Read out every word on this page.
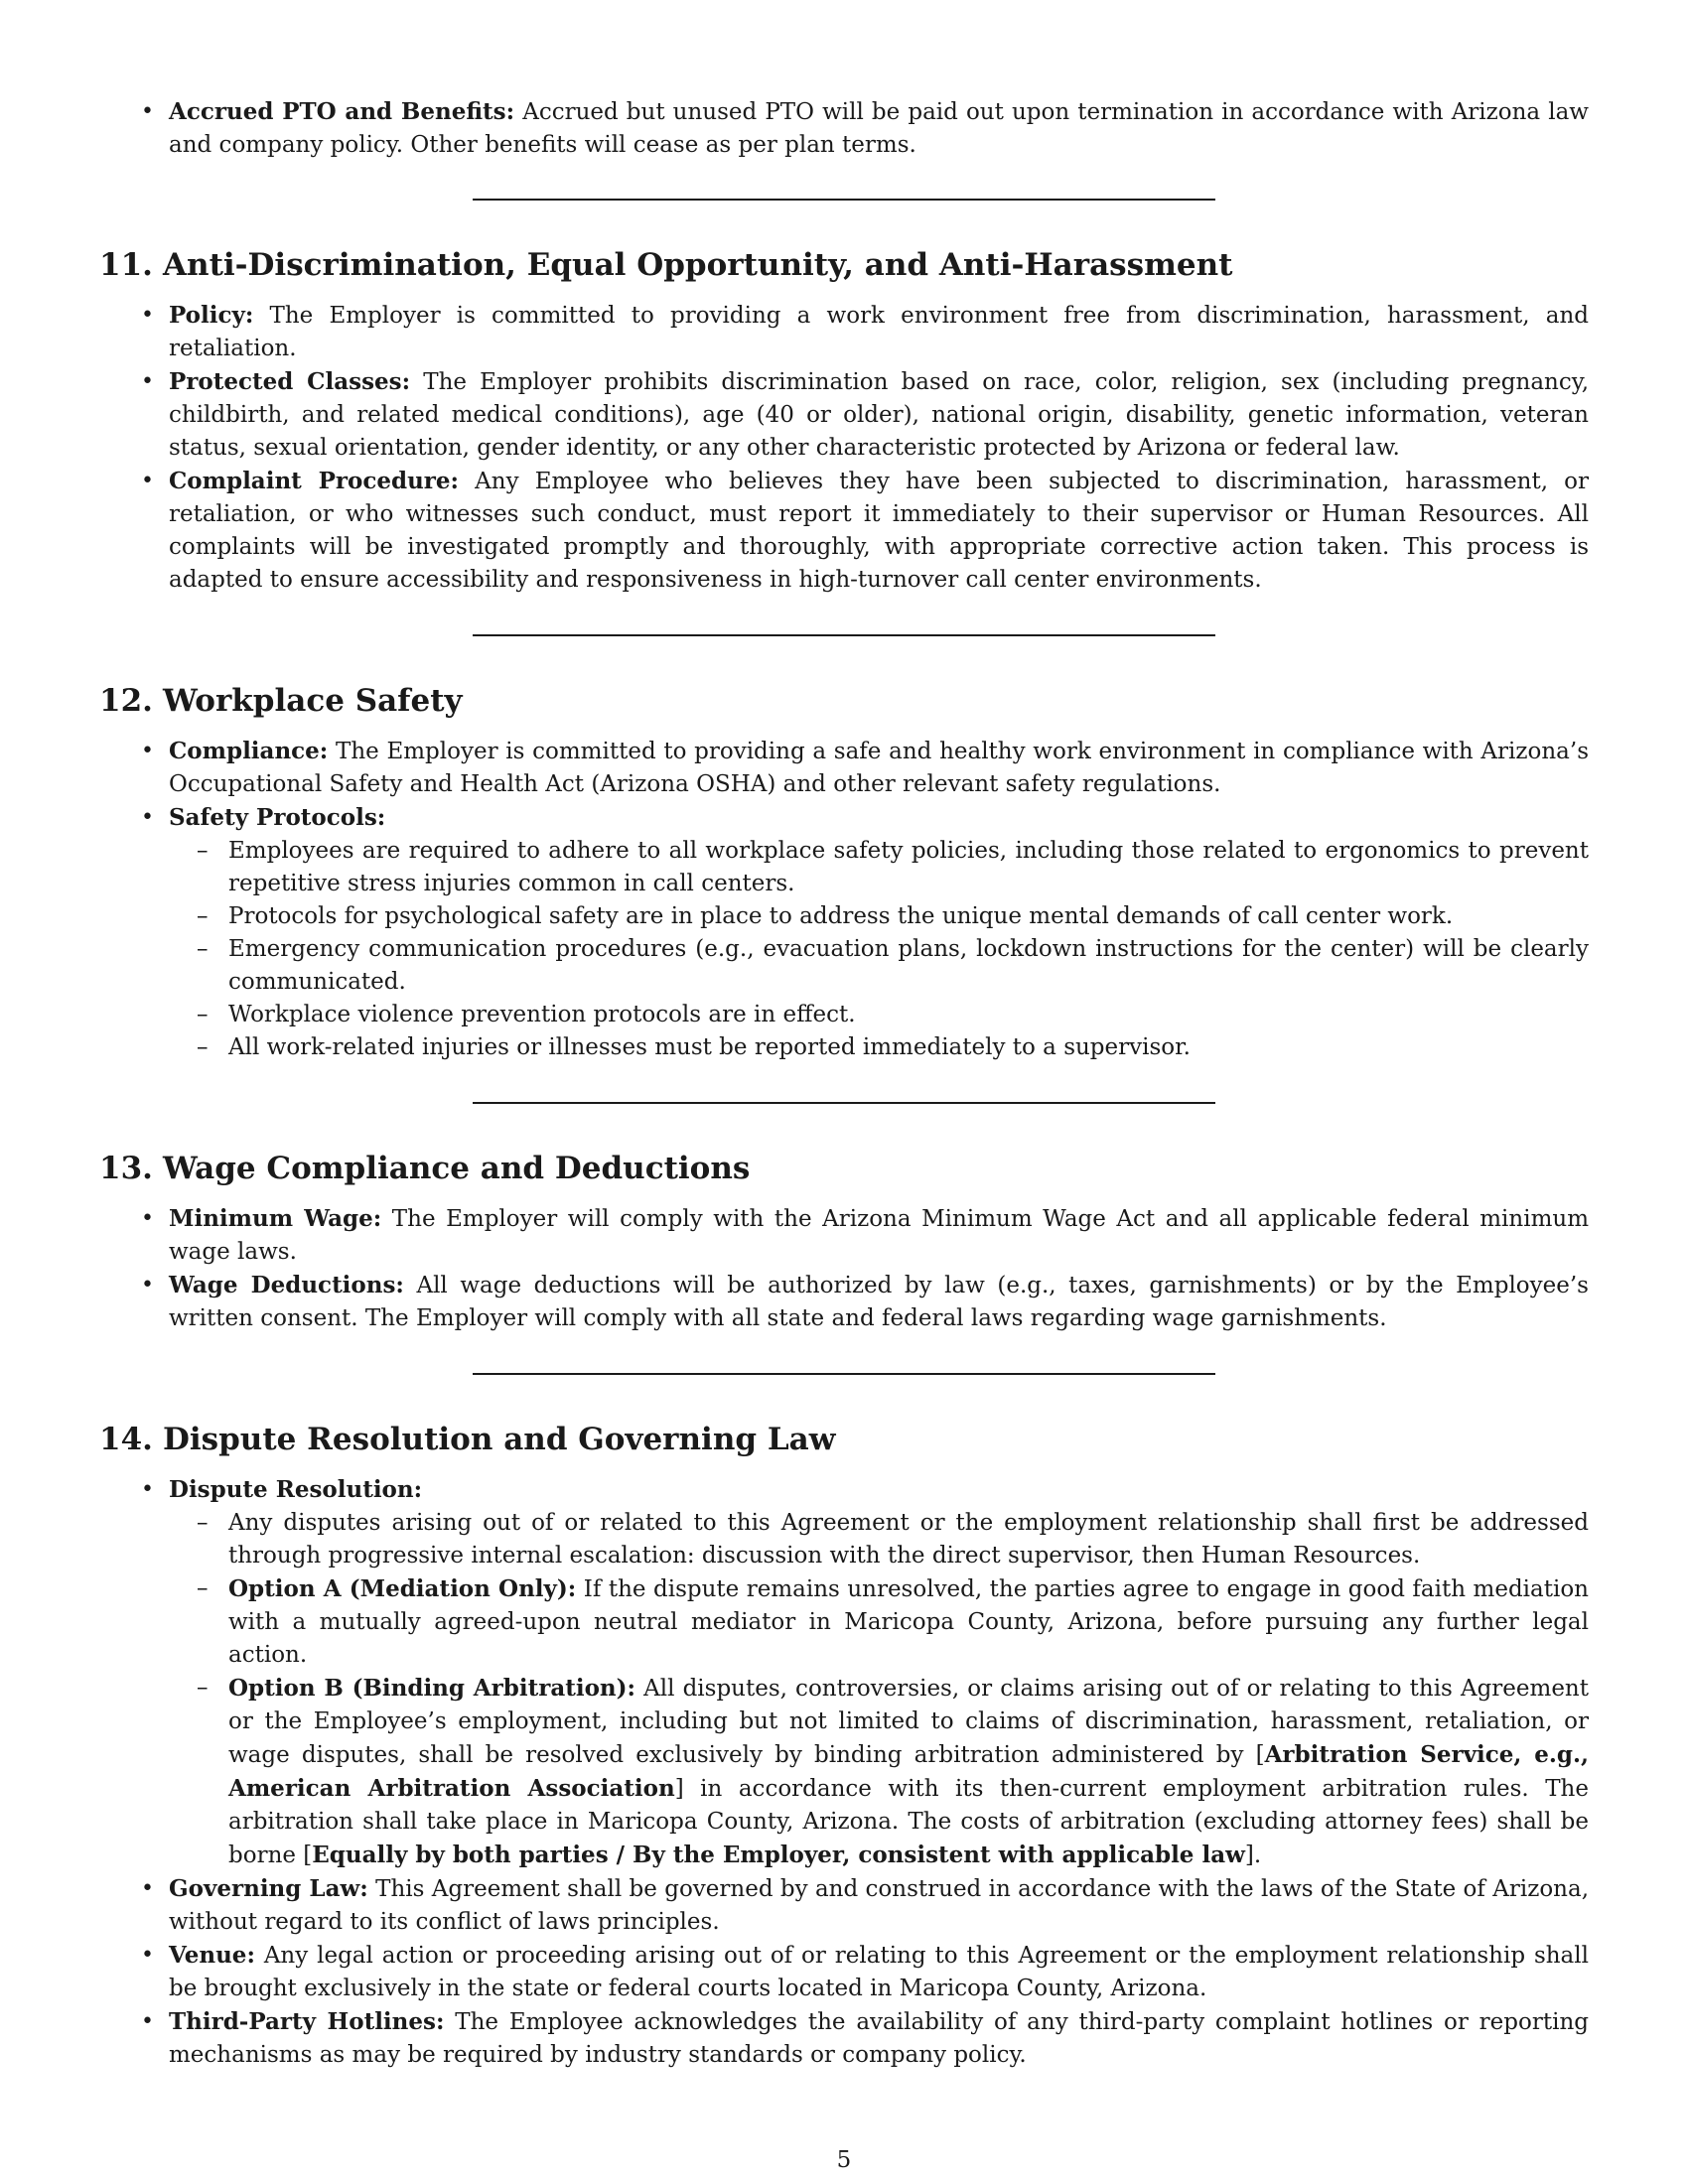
• Accrued PTO and Benefits: Accrued but unused PTO will be paid out upon termination in accordance with Arizona law and company policy. Other benefits will cease as per plan terms.
11. Anti-Discrimination, Equal Opportunity, and Anti-Harassment
• Policy: The Employer is committed to providing a work environment free from discrimination, harassment, and retaliation.
• Protected Classes: The Employer prohibits discrimination based on race, color, religion, sex (including pregnancy, childbirth, and related medical conditions), age (40 or older), national origin, disability, genetic information, veteran status, sexual orientation, gender identity, or any other characteristic protected by Arizona or federal law.
• Complaint Procedure: Any Employee who believes they have been subjected to discrimination, harassment, or retaliation, or who witnesses such conduct, must report it immediately to their supervisor or Human Resources. All complaints will be investigated promptly and thoroughly, with appropriate corrective action taken. This process is adapted to ensure accessibility and responsiveness in high-turnover call center environments.
12. Workplace Safety
• Compliance: The Employer is committed to providing a safe and healthy work environment in compliance with Arizona’s Occupational Safety and Health Act (Arizona OSHA) and other relevant safety regulations.
• Safety Protocols:
– Employees are required to adhere to all workplace safety policies, including those related to ergonomics to prevent repetitive stress injuries common in call centers.
– Protocols for psychological safety are in place to address the unique mental demands of call center work.
– Emergency communication procedures (e.g., evacuation plans, lockdown instructions for the center) will be clearly communicated.
– Workplace violence prevention protocols are in effect.
– All work-related injuries or illnesses must be reported immediately to a supervisor.
13. Wage Compliance and Deductions
• Minimum Wage: The Employer will comply with the Arizona Minimum Wage Act and all applicable federal minimum wage laws.
• Wage Deductions: All wage deductions will be authorized by law (e.g., taxes, garnishments) or by the Employee’s written consent. The Employer will comply with all state and federal laws regarding wage garnishments.
14. Dispute Resolution and Governing Law
• Dispute Resolution:
– Any disputes arising out of or related to this Agreement or the employment relationship shall first be addressed through progressive internal escalation: discussion with the direct supervisor, then Human Resources.
– Option A (Mediation Only): If the dispute remains unresolved, the parties agree to engage in good faith mediation with a mutually agreed-upon neutral mediator in Maricopa County, Arizona, before pursuing any further legal action.
– Option B (Binding Arbitration): All disputes, controversies, or claims arising out of or relating to this Agreement or the Employee’s employment, including but not limited to claims of discrimination, harassment, retaliation, or wage disputes, shall be resolved exclusively by binding arbitration administered by [Arbitration Service, e.g., American Arbitration Association] in accordance with its then-current employment arbitration rules. The arbitration shall take place in Maricopa County, Arizona. The costs of arbitration (excluding attorney fees) shall be borne [Equally by both parties / By the Employer, consistent with applicable law].
• Governing Law: This Agreement shall be governed by and construed in accordance with the laws of the State of Arizona, without regard to its conflict of laws principles.
• Venue: Any legal action or proceeding arising out of or relating to this Agreement or the employment relationship shall be brought exclusively in the state or federal courts located in Maricopa County, Arizona.
• Third-Party Hotlines: The Employee acknowledges the availability of any third-party complaint hotlines or reporting mechanisms as may be required by industry standards or company policy.
5
